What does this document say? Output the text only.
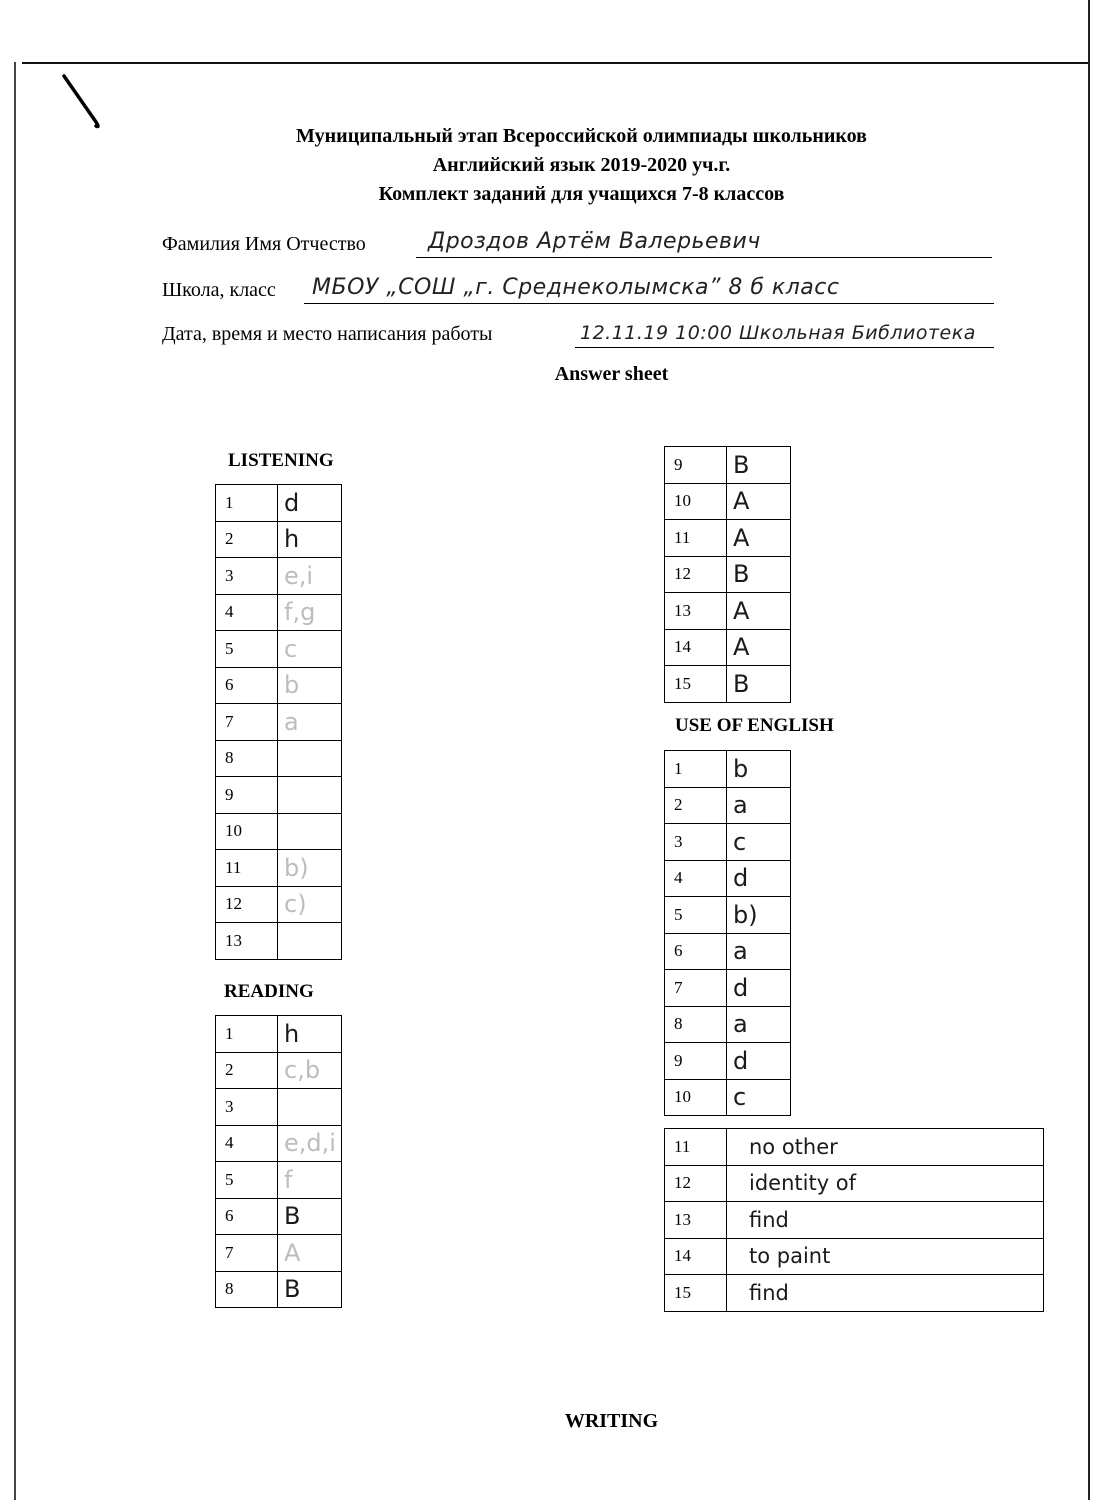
Муниципальный этап Всероссийской олимпиады школьников
Английский язык 2019-2020 уч.г.
Комплект заданий для учащихся 7-8 классов
Фамилия Имя Отчество	Дроздов Артём Валерьевич
Школа, класс МБОУ „СОШ „г. Среднеколымска” 8 б класс
Дата, время и место написания работы	12.11.19 10:00 Школьная Библиотека
Answer sheet
LISTENING
1	d
2	h
3	e,i
4	f,g
5	c
6	b
7	a
8	
9	
10	
11	b)
12	c)
13	
READING
1	h
2	c,b
3	
4	e,d,i
5	f
6	B
7	A
8	B
9	B
10	A
11	A
12	B
13	A
14	A
15	B
USE OF ENGLISH
1	b
2	a
3	c
4	d
5	b)
6	a
7	d
8	a
9	d
10	c
11	no other
12	identity of
13	find
14	to paint
15	find
WRITING
